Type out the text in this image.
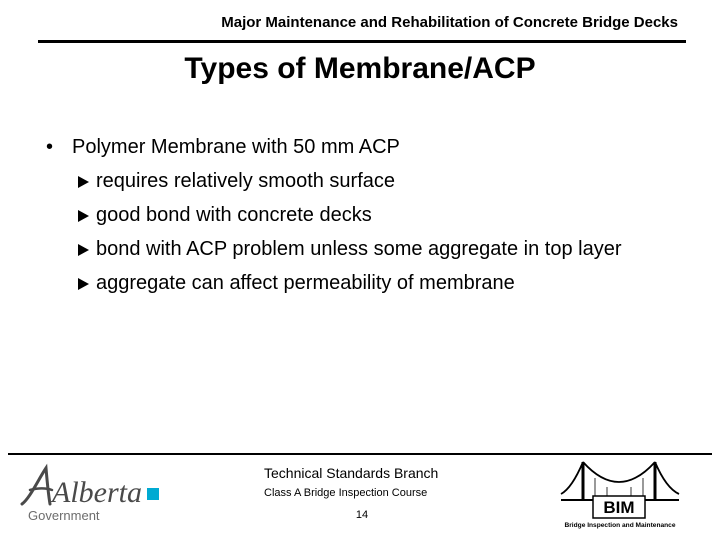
Major Maintenance and Rehabilitation of Concrete Bridge Decks
Types of Membrane/ACP
• Polymer Membrane with 50 mm ACP
requires relatively smooth surface
good bond with concrete decks
bond with ACP problem unless some aggregate in top layer
aggregate can affect permeability of membrane
Alberta
Government
Technical Standards Branch
Class A Bridge Inspection Course
14	BIM
Bridge Inspection and Maintenance
